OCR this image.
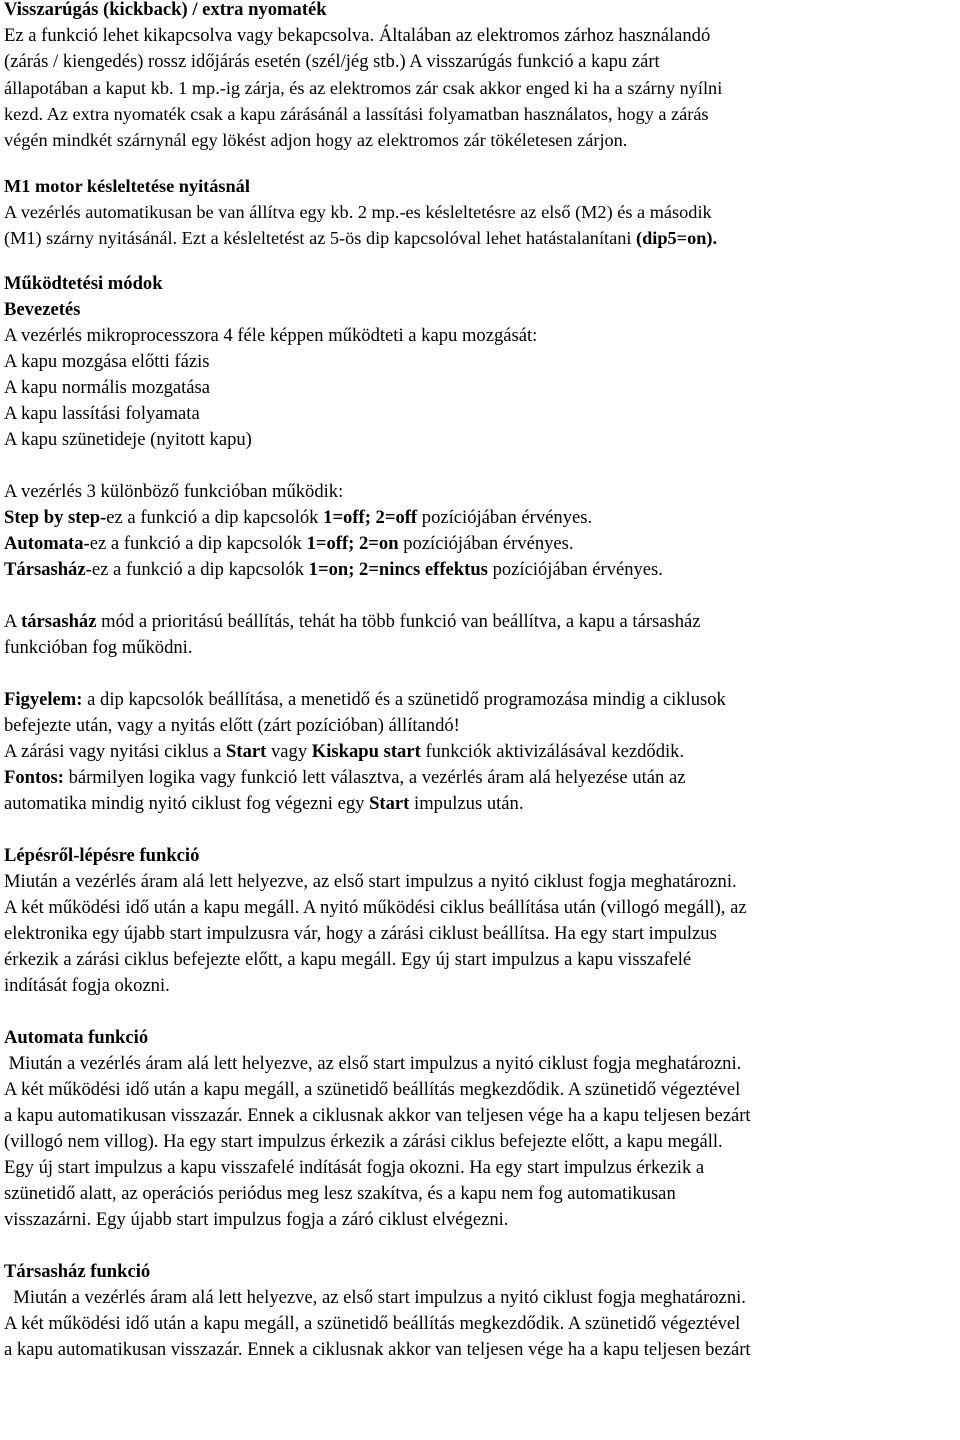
Visszarúgás (kickback) / extra nyomaték
Ez a funkció lehet kikapcsolva vagy bekapcsolva. Általában az elektromos zárhoz használandó
(zárás / kiengedés) rossz időjárás esetén (szél/jég stb.) A visszarúgás funkció a kapu zárt
állapotában a kaput kb. 1 mp.-ig zárja, és az elektromos zár csak akkor enged ki ha a szárny nyílni
kezd. Az extra nyomaték csak a kapu zárásánál a lassítási folyamatban használatos, hogy a zárás
végén mindkét szárnynál egy lökést adjon hogy az elektromos zár tökéletesen zárjon.
M1 motor késleltetése nyitásnál
A vezérlés automatikusan be van állítva egy kb. 2 mp.-es késleltetésre az első (M2) és a második
(M1) szárny nyitásánál. Ezt a késleltetést az 5-ös dip kapcsolóval lehet hatástalanítani (dip5=on).
Működtetési módok
Bevezetés
A vezérlés mikroprocesszora 4 féle képpen működteti a kapu mozgását:
A kapu mozgása előtti fázis
A kapu normális mozgatása
A kapu lassítási folyamata
A kapu szünetideje (nyitott kapu)
A vezérlés 3 különböző funkcióban működik:
Step by step-ez a funkció a dip kapcsolók 1=off; 2=off pozíciójában érvényes.
Automata-ez a funkció a dip kapcsolók 1=off; 2=on pozíciójában érvényes.
Társasház-ez a funkció a dip kapcsolók 1=on; 2=nincs effektus pozíciójában érvényes.
A társasház mód a prioritású beállítás, tehát ha több funkció van beállítva, a kapu a társasház
funkcióban fog működni.
Figyelem: a dip kapcsolók beállítása, a menetidő és a szünetidő programozása mindig a ciklusok
befejezte után, vagy a nyitás előtt (zárt pozícióban) állítandó!
A zárási vagy nyitási ciklus a Start vagy Kiskapu start funkciók aktivizálásával kezdődik.
Fontos: bármilyen logika vagy funkció lett választva, a vezérlés áram alá helyezése után az
automatika mindig nyitó ciklust fog végezni egy Start impulzus után.
Lépésről-lépésre funkció
Miután a vezérlés áram alá lett helyezve, az első start impulzus a nyitó ciklust fogja meghatározni.
A két működési idő után a kapu megáll. A nyitó működési ciklus beállítása után (villogó megáll), az
elektronika egy újabb start impulzusra vár, hogy a zárási ciklust beállítsa. Ha egy start impulzus
érkezik a zárási ciklus befejezte előtt, a kapu megáll. Egy új start impulzus a kapu visszafelé
indítását fogja okozni.
Automata funkció
Miután a vezérlés áram alá lett helyezve, az első start impulzus a nyitó ciklust fogja meghatározni.
A két működési idő után a kapu megáll, a szünetidő beállítás megkezdődik. A szünetidő végeztével
a kapu automatikusan visszazár. Ennek a ciklusnak akkor van teljesen vége ha a kapu teljesen bezárt
(villogó nem villog). Ha egy start impulzus érkezik a zárási ciklus befejezte előtt, a kapu megáll.
Egy új start impulzus a kapu visszafelé indítását fogja okozni. Ha egy start impulzus érkezik a
szünetidő alatt, az operációs periódus meg lesz szakítva, és a kapu nem fog automatikusan
visszazárni. Egy újabb start impulzus fogja a záró ciklust elvégezni.
Társasház funkció
Miután a vezérlés áram alá lett helyezve, az első start impulzus a nyitó ciklust fogja meghatározni.
A két működési idő után a kapu megáll, a szünetidő beállítás megkezdődik. A szünetidő végeztével
a kapu automatikusan visszazár. Ennek a ciklusnak akkor van teljesen vége ha a kapu teljesen bezárt
